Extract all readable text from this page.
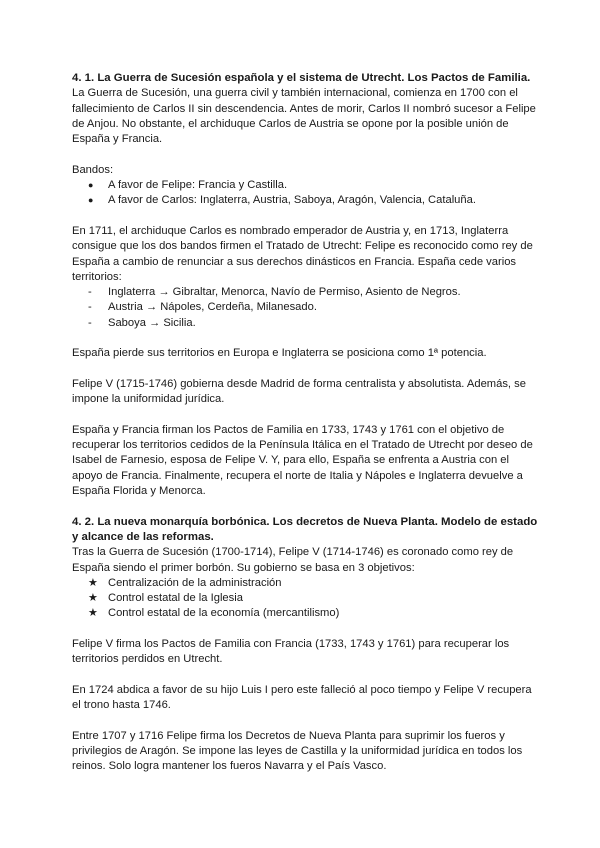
4. 1. La Guerra de Sucesión española y el sistema de Utrecht. Los Pactos de Familia.

La Guerra de Sucesión, una guerra civil y también internacional, comienza en 1700 con el fallecimiento de Carlos II sin descendencia. Antes de morir, Carlos II nombró sucesor a Felipe de Anjou. No obstante, el archiduque Carlos de Austria se opone por la posible unión de España y Francia.

Bandos:

●	A favor de Felipe: Francia y Castilla.
●	A favor de Carlos: Inglaterra, Austria, Saboya, Aragón, Valencia, Cataluña.

En 1711, el archiduque Carlos es nombrado emperador de Austria y, en 1713, Inglaterra consigue que los dos bandos firmen el Tratado de Utrecht: Felipe es reconocido como rey de España a cambio de renunciar a sus derechos dinásticos en Francia. España cede varios territorios:

-	Inglaterra → Gibraltar, Menorca, Navío de Permiso, Asiento de Negros.
-	Austria → Nápoles, Cerdeña, Milanesado.
-	Saboya → Sicilia.

España pierde sus territorios en Europa e Inglaterra se posiciona como 1ª potencia.

Felipe V (1715-1746) gobierna desde Madrid de forma centralista y absolutista. Además, se impone la uniformidad jurídica.

España y Francia firman los Pactos de Familia en 1733, 1743 y 1761 con el objetivo de recuperar los territorios cedidos de la Península Itálica en el Tratado de Utrecht por deseo de Isabel de Farnesio, esposa de Felipe V. Y, para ello, España se enfrenta a Austria con el apoyo de Francia. Finalmente, recupera el norte de Italia y Nápoles e Inglaterra devuelve a España Florida y Menorca.

4. 2. La nueva monarquía borbónica. Los decretos de Nueva Planta. Modelo de estado y alcance de las reformas.

Tras la Guerra de Sucesión (1700-1714), Felipe V (1714-1746) es coronado como rey de España siendo el primer borbón. Su gobierno se basa en 3 objetivos:

★ Centralización de la administración
★ Control estatal de la Iglesia
★ Control estatal de la economía (mercantilismo)

Felipe V firma los Pactos de Familia con Francia (1733, 1743 y 1761) para recuperar los territorios perdidos en Utrecht.

En 1724 abdica a favor de su hijo Luis I pero este falleció al poco tiempo y Felipe V recupera el trono hasta 1746.

Entre 1707 y 1716 Felipe firma los Decretos de Nueva Planta para suprimir los fueros y privilegios de Aragón. Se impone las leyes de Castilla y la uniformidad jurídica en todos los reinos. Solo logra mantener los fueros Navarra y el País Vasco.
